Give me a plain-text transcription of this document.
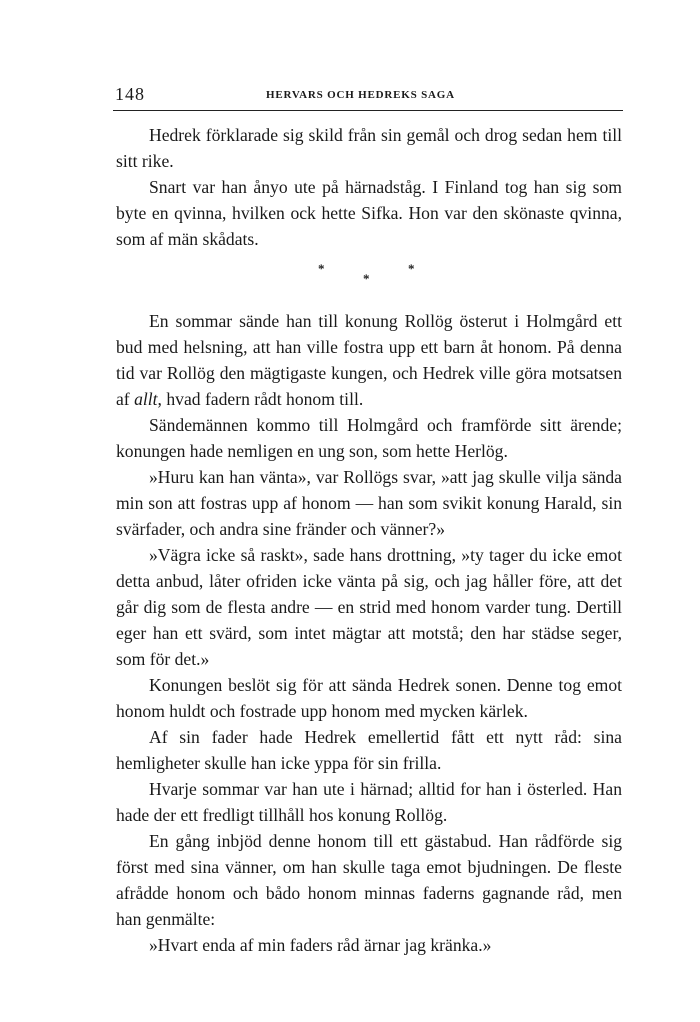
148	HERVARS OCH HEDREKS SAGA

Hedrek förklarade sig skild från sin gemål och drog sedan hem till sitt rike.

Snart var han ånyo ute på härnadståg. I Finland tog han sig som byte en qvinna, hvilken ock hette Sifka. Hon var den skönaste qvinna, som af män skådats.

*
*
*

En sommar sände han till konung Rollög österut i Holmgård ett bud med helsning, att han ville fostra upp ett barn åt honom. På denna tid var Rollög den mägtigaste kungen, och Hedrek ville göra motsatsen af allt, hvad fadern rådt honom till.

Sändemännen kommo till Holmgård och framförde sitt ärende; konungen hade nemligen en ung son, som hette Herlög.

»Huru kan han vänta», var Rollögs svar, »att jag skulle vilja sända min son att fostras upp af honom — han som svikit konung Harald, sin svärfader, och andra sine fränder och vänner?»

»Vägra icke så raskt», sade hans drottning, »ty tager du icke emot detta anbud, låter ofriden icke vänta på sig, och jag håller före, att det går dig som de flesta andre — en strid med honom varder tung. Dertill eger han ett svärd, som intet mägtar att motstå; den har städse seger, som för det.»

Konungen beslöt sig för att sända Hedrek sonen. Denne tog emot honom huldt och fostrade upp honom med mycken kärlek.

Af sin fader hade Hedrek emellertid fått ett nytt råd: sina hemligheter skulle han icke yppa för sin frilla.

Hvarje sommar var han ute i härnad; alltid for han i österled. Han hade der ett fredligt tillhåll hos konung Rollög.

En gång inbjöd denne honom till ett gästabud. Han rådförde sig först med sina vänner, om han skulle taga emot bjudningen. De fleste afrådde honom och bådo honom minnas faderns gagnande råd, men han genmälte:

»Hvart enda af min faders råd ärnar jag kränka.»
